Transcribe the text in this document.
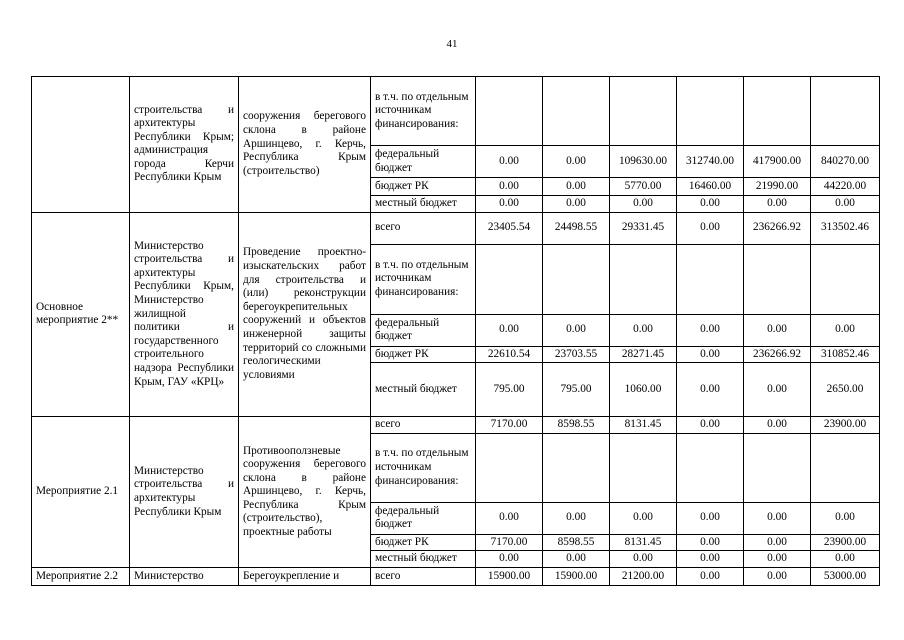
41
	строительства и архитектуры Республики Крым; администрация города Керчи Республики Крым	сооружения берегового склона в районе Аршинцево, г. Керчь, Республика Крым (строительство)	в т.ч. по отдельным источникам финансирования:						
			федеральный бюджет	0.00	0.00	109630.00	312740.00	417900.00	840270.00
			бюджет РК	0.00	0.00	5770.00	16460.00	21990.00	44220.00
			местный бюджет	0.00	0.00	0.00	0.00	0.00	0.00
Основное мероприятие 2**	Министерство строительства и архитектуры Республики Крым, Министерство жилищной политики и государственного строительного надзора Республики Крым, ГАУ «КРЦ»	Проведение проектно-изыскательских работ для строительства и (или) реконструкции берегоукрепительных сооружений и объектов инженерной защиты территорий со сложными геологическими условиями	всего	23405.54	24498.55	29331.45	0.00	236266.92	313502.46
			в т.ч. по отдельным источникам финансирования:						
			федеральный бюджет	0.00	0.00	0.00	0.00	0.00	0.00
			бюджет РК	22610.54	23703.55	28271.45	0.00	236266.92	310852.46
			местный бюджет	795.00	795.00	1060.00	0.00	0.00	2650.00
Мероприятие 2.1	Министерство строительства и архитектуры Республики Крым	Противооползневые сооружения берегового склона в районе Аршинцево, г. Керчь, Республика Крым (строительство), проектные работы	всего	7170.00	8598.55	8131.45	0.00	0.00	23900.00
			в т.ч. по отдельным источникам финансирования:						
			федеральный бюджет	0.00	0.00	0.00	0.00	0.00	0.00
			бюджет РК	7170.00	8598.55	8131.45	0.00	0.00	23900.00
			местный бюджет	0.00	0.00	0.00	0.00	0.00	0.00
Мероприятие 2.2	Министерство	Берегоукрепление и	всего	15900.00	15900.00	21200.00	0.00	0.00	53000.00
